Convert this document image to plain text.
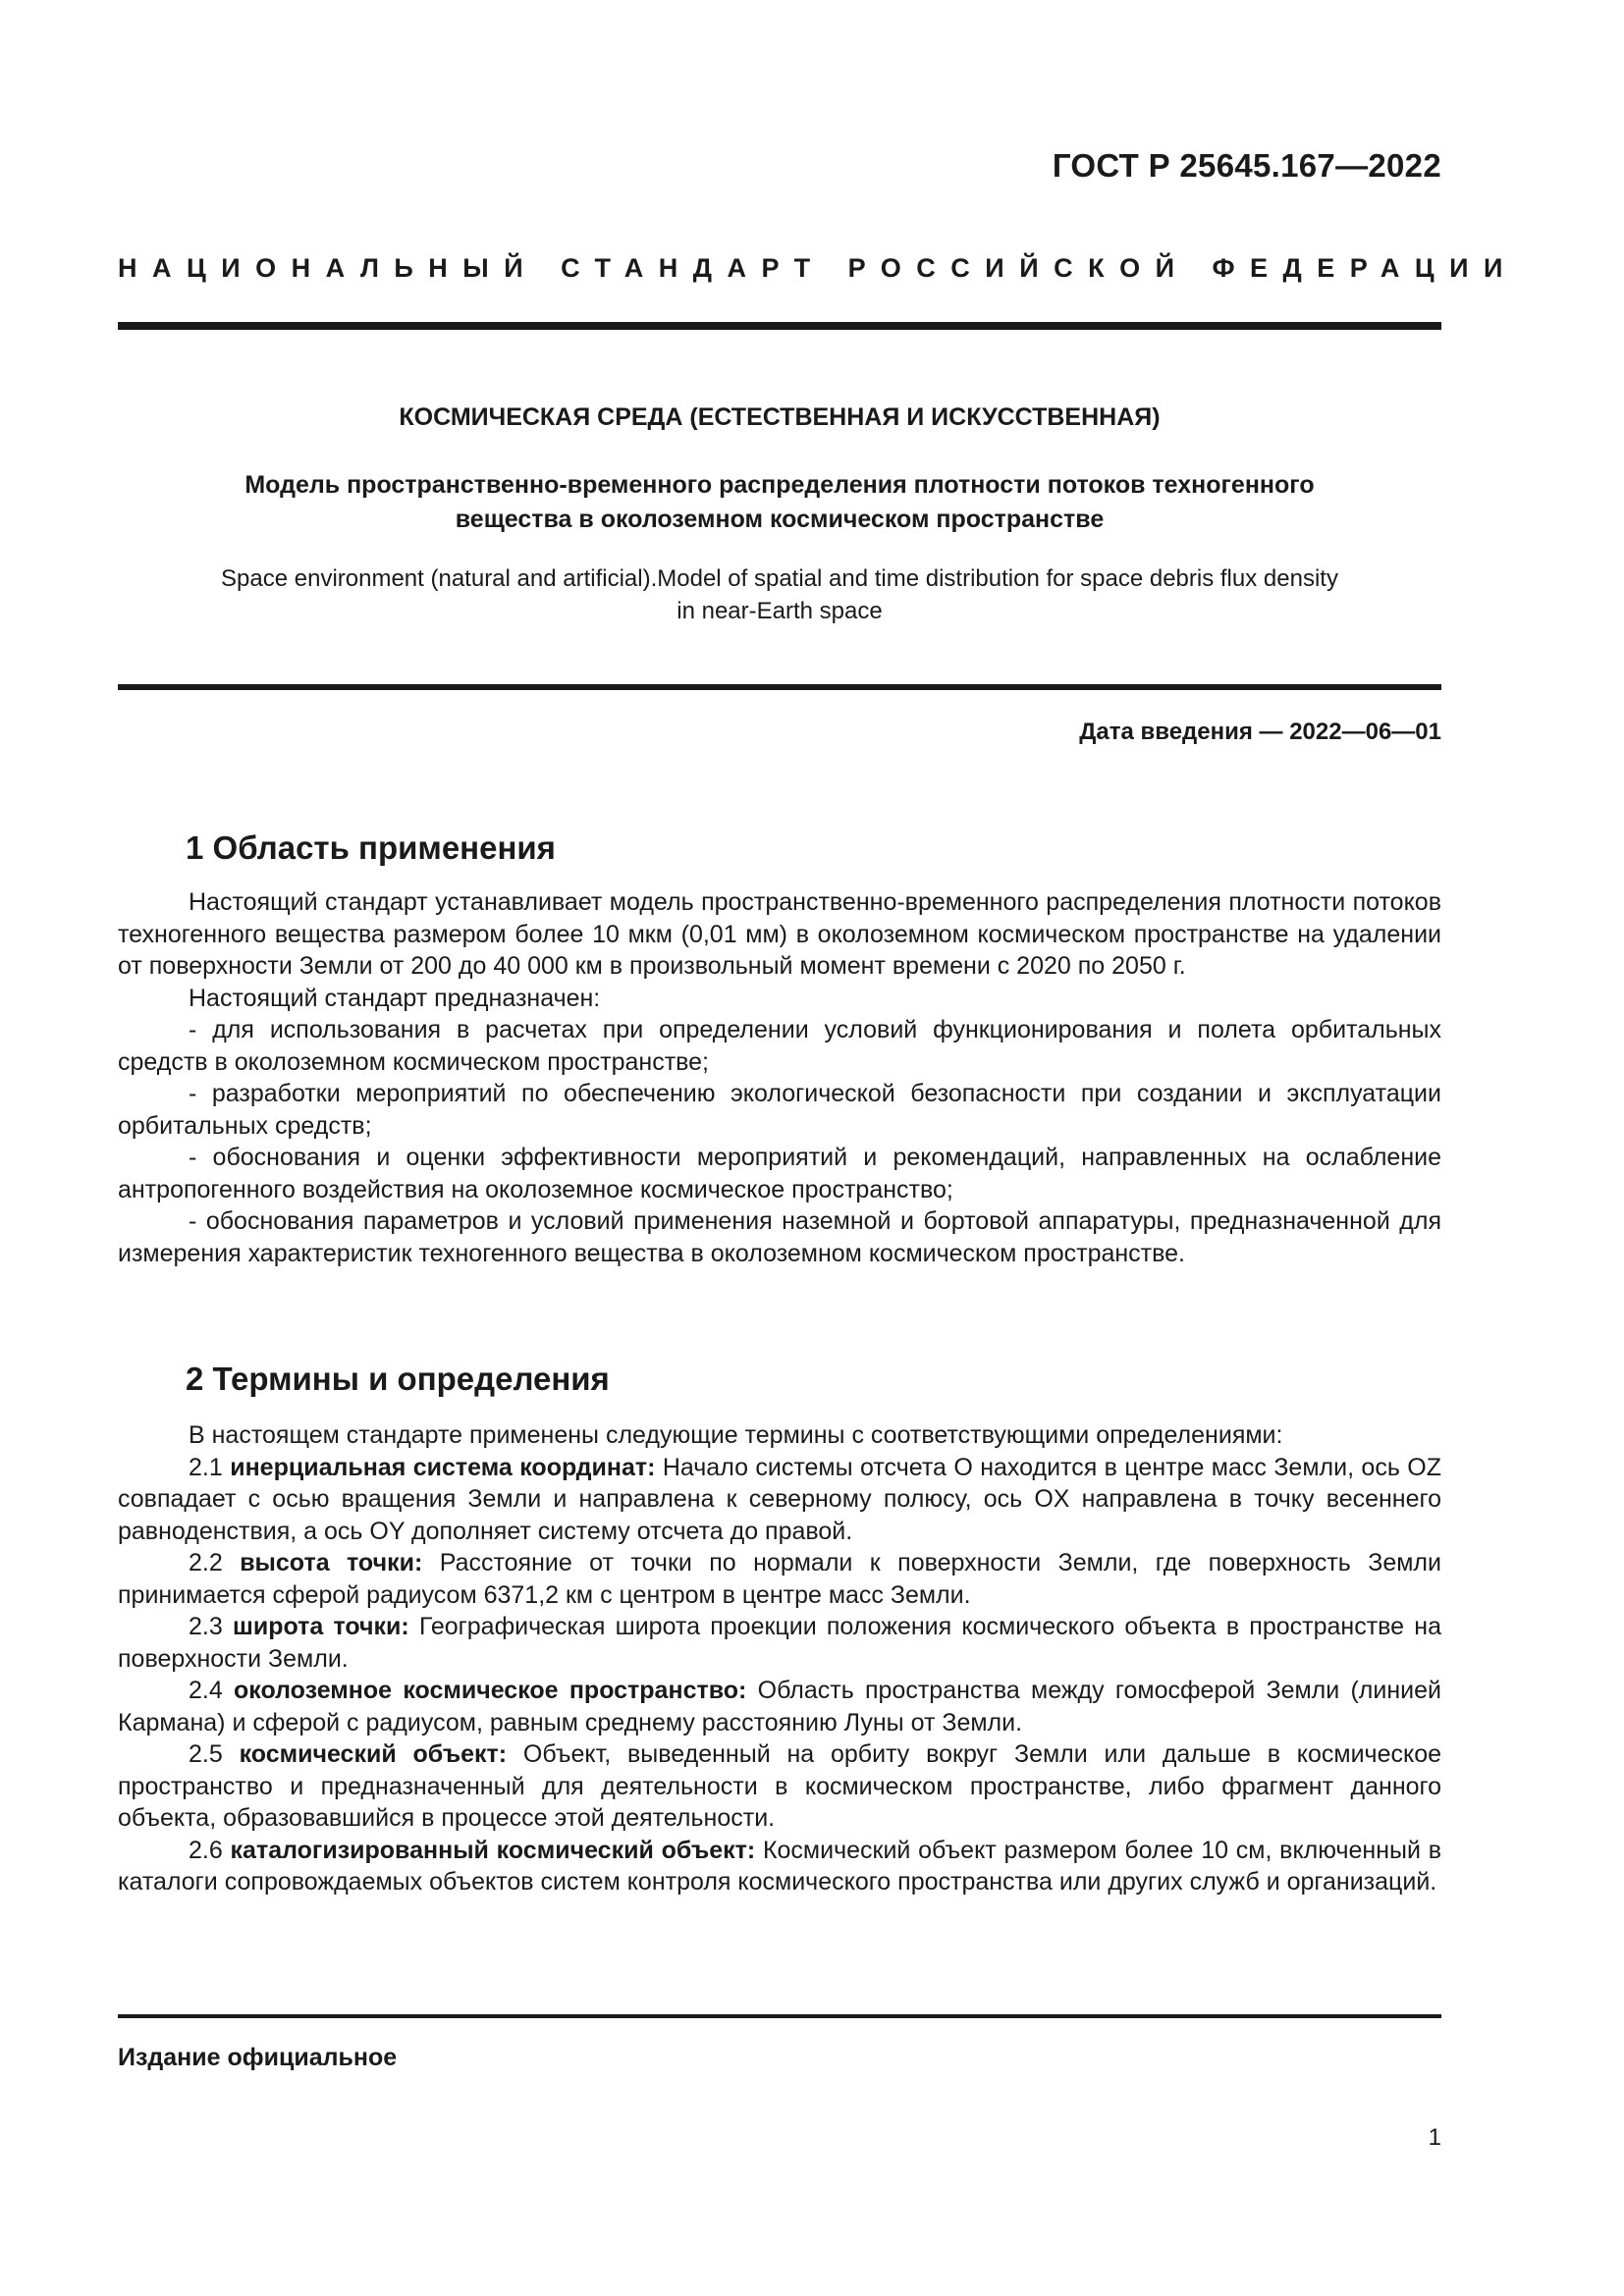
ГОСТ Р 25645.167—2022
НАЦИОНАЛЬНЫЙ СТАНДАРТ РОССИЙСКОЙ ФЕДЕРАЦИИ
КОСМИЧЕСКАЯ СРЕДА (ЕСТЕСТВЕННАЯ И ИСКУССТВЕННАЯ)
Модель пространственно-временного распределения плотности потоков техногенного
вещества в околоземном космическом пространстве
Space environment (natural and artificial).Model of spatial and time distribution for space debris flux density
in near-Earth space
Дата введения — 2022—06—01
1 Область применения

Настоящий стандарт устанавливает модель пространственно-временного распределения плотности потоков техногенного вещества размером более 10 мкм (0,01 мм) в околоземном космическом пространстве на удалении от поверхности Земли от 200 до 40 000 км в произвольный момент времени с 2020 по 2050 г.

Настоящий стандарт предназначен:

- для использования в расчетах при определении условий функционирования и полета орбитальных средств в околоземном космическом пространстве;

- разработки мероприятий по обеспечению экологической безопасности при создании и эксплуатации орбитальных средств;

- обоснования и оценки эффективности мероприятий и рекомендаций, направленных на ослабление антропогенного воздействия на околоземное космическое пространство;

- обоснования параметров и условий применения наземной и бортовой аппаратуры, предназначенной для измерения характеристик техногенного вещества в околоземном космическом пространстве.

2 Термины и определения

В настоящем стандарте применены следующие термины с соответствующими определениями:

2.1 инерциальная система координат: Начало системы отсчета О находится в центре масс Земли, ось OZ совпадает с осью вращения Земли и направлена к северному полюсу, ось OX направлена в точку весеннего равноденствия, а ось OY дополняет систему отсчета до правой.

2.2 высота точки: Расстояние от точки по нормали к поверхности Земли, где поверхность Земли принимается сферой радиусом 6371,2 км с центром в центре масс Земли.

2.3 широта точки: Географическая широта проекции положения космического объекта в пространстве на поверхности Земли.

2.4 околоземное космическое пространство: Область пространства между гомосферой Земли (линией Кармана) и сферой с радиусом, равным среднему расстоянию Луны от Земли.

2.5 космический объект: Объект, выведенный на орбиту вокруг Земли или дальше в космическое пространство и предназначенный для деятельности в космическом пространстве, либо фрагмент данного объекта, образовавшийся в процессе этой деятельности.

2.6 каталогизированный космический объект: Космический объект размером более 10 см, включенный в каталоги сопровождаемых объектов систем контроля космического пространства или других служб и организаций.

Издание официальное
1
